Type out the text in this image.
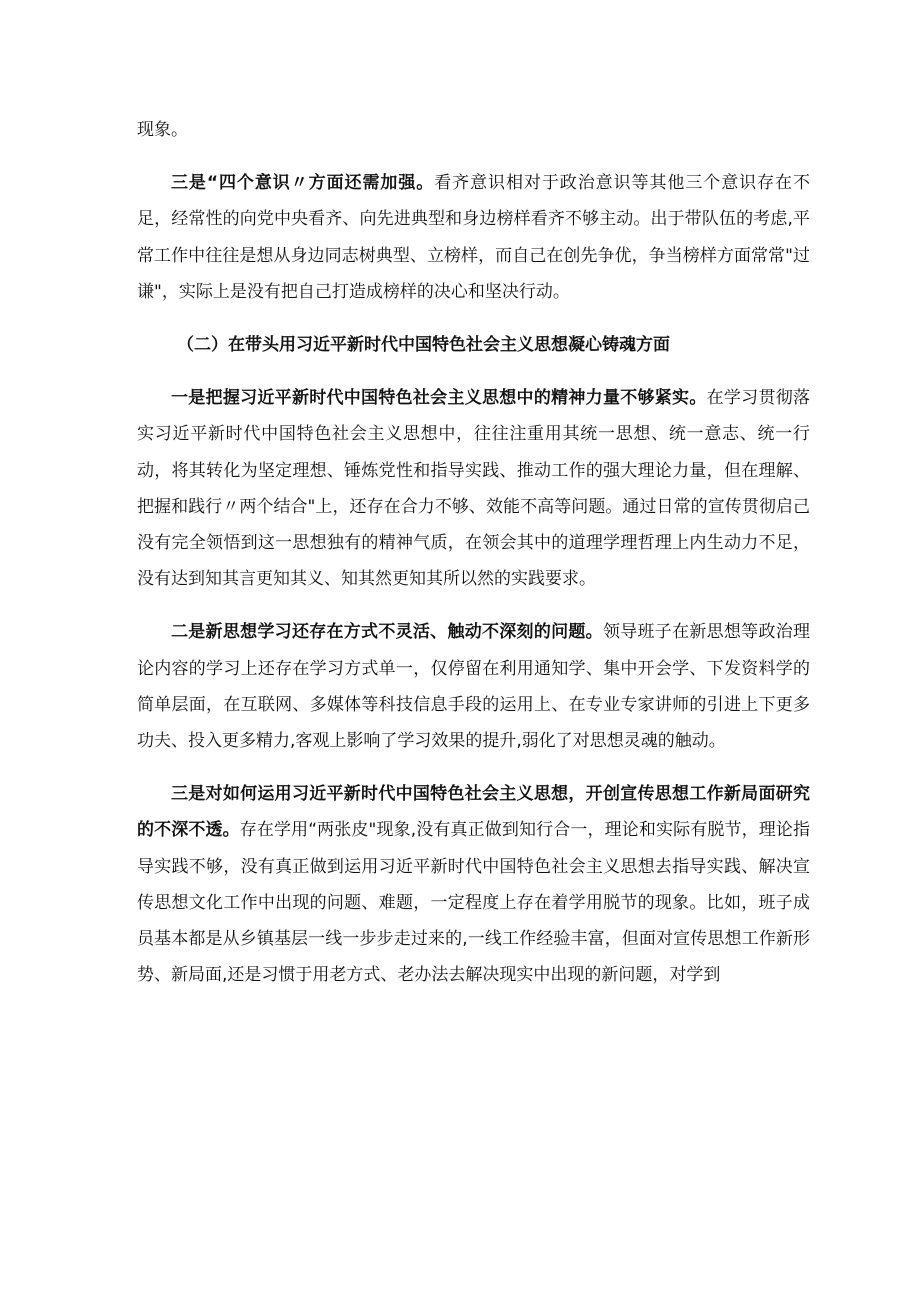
现象。

三是“四个意识〃方面还需加强。看齐意识相对于政治意识等其他三个意识存在不足，经常性的向党中央看齐、向先进典型和身边榜样看齐不够主动。出于带队伍的考虑,平常工作中往往是想从身边同志树典型、立榜样，而自己在创先争优，争当榜样方面常常"过谦"，实际上是没有把自己打造成榜样的决心和坚决行动。

（二）在带头用习近平新时代中国特色社会主义思想凝心铸魂方面

一是把握习近平新时代中国特色社会主义思想中的精神力量不够紧实。在学习贯彻落实习近平新时代中国特色社会主义思想中，往往注重用其统一思想、统一意志、统一行动，将其转化为坚定理想、锤炼党性和指导实践、推动工作的强大理论力量，但在理解、把握和践行〃两个结合"上，还存在合力不够、效能不高等问题。通过日常的宣传贯彻启己没有完全领悟到这一思想独有的精神气质，在领会其中的道理学理哲理上内生动力不足，没有达到知其言更知其义、知其然更知其所以然的实践要求。

二是新思想学习还存在方式不灵活、触动不深刻的问题。领导班子在新思想等政治理论内容的学习上还存在学习方式单一，仅停留在利用通知学、集中开会学、下发资料学的简单层面，在互联网、多媒体等科技信息手段的运用上、在专业专家讲师的引进上下更多功夫、投入更多精力,客观上影响了学习效果的提升,弱化了对思想灵魂的触动。

三是对如何运用习近平新时代中国特色社会主义思想，开创宣传思想工作新局面研究的不深不透。存在学用“两张皮"现象,没有真正做到知行合一，理论和实际有脱节，理论指导实践不够，没有真正做到运用习近平新时代中国特色社会主义思想去指导实践、解决宣传思想文化工作中出现的问题、难题，一定程度上存在着学用脱节的现象。比如，班子成员基本都是从乡镇基层一线一步步走过来的,一线工作经验丰富，但面对宣传思想工作新形势、新局面,还是习惯于用老方式、老办法去解决现实中出现的新问题，对学到
